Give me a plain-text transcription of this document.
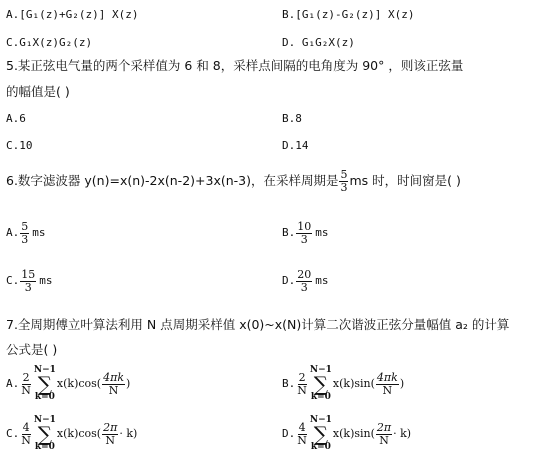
A.[G₁(z)+G₂(z)] X(z)	B.[G₁(z)-G₂(z)] X(z)
C.G₁X(z)G₂(z)	D. G₁G₂X(z)
5.某正弦电气量的两个采样值为 6 和 8，采样点间隔的电角度为 90° ，则该正弦量
的幅值是( )
A.6	B.8
C.10	D.14
6.数字滤波器 y(n)=x(n)-2x(n-2)+3x(n-3)，在采样周期是 $\frac{5}{3}$ ms 时，时间窗是( )
A. $\frac{5}{3}$ ms	B. $\frac{10}{3}$ ms
C. $\frac{15}{3}$ ms	D. $\frac{20}{3}$ ms
7.全周期傅立叶算法利用 N 点周期采样值 x(0)~x(N)计算二次谐波正弦分量幅值 a₂ 的计算
公式是( )
A. $\frac{2}{N}$
N−1
∑
k=0
x(k) cos ( $\frac{4\pi k}{N}$ )	B. $\frac{2}{N}$
N−1
∑
k=0
x(k) sin ( $\frac{4\pi k}{N}$ )
C. $\frac{4}{N}$
N−1
∑
k=0
x(k) cos ( $\frac{2\pi}{N} \cdot k$)	D. $\frac{4}{N}$
N−1
∑
k=0
x(k) sin ( $\frac{2\pi}{N} \cdot k$)
